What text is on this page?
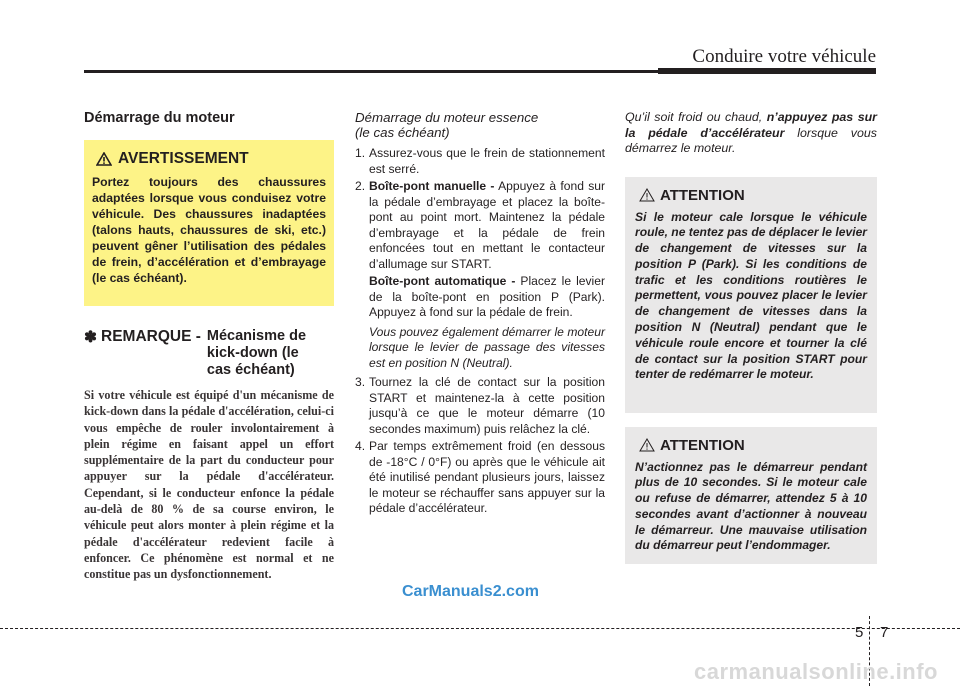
Conduire votre véhicule
Démarrage du moteur
AVERTISSEMENT
Portez toujours des chaussures adaptées lorsque vous conduisez votre véhicule. Des chaussures inadaptées (talons hauts, chaussures de ski, etc.) peuvent gêner l’utilisation des pédales de frein, d’accélération et d’embrayage (le cas échéant).
✽ REMARQUE - Mécanisme de
kick-down (le
cas échéant)
Si votre véhicule est équipé d'un mécanisme de kick-down dans la pédale d'accélération, celui-ci vous empêche de rouler involontairement à plein régime en faisant appel un effort supplémentaire de la part du conducteur pour appuyer sur la pédale d'accélérateur. Cependant, si le conducteur enfonce la pédale au-delà de 80 % de sa course environ, le véhicule peut alors monter à plein régime et la pédale d'accélérateur redevient facile à enfoncer. Ce phénomène est normal et ne constitue pas un dysfonctionnement.
Démarrage du moteur essence
(le cas échéant)
1. Assurez-vous que le frein de stationnement est serré.
2. Boîte-pont manuelle - Appuyez à fond sur la pédale d’embrayage et placez la boîte-pont au point mort. Maintenez la pédale d’embrayage et la pédale de frein enfoncées tout en mettant le contacteur d’allumage sur START.
Boîte-pont automatique - Placez le levier de la boîte-pont en position P (Park). Appuyez à fond sur la pédale de frein.
Vous pouvez également démarrer le moteur lorsque le levier de passage des vitesses est en position N (Neutral).
3. Tournez la clé de contact sur la position START et maintenez-la à cette position jusqu’à ce que le moteur démarre (10 secondes maximum) puis relâchez la clé.
4. Par temps extrêmement froid (en dessous de -18°C / 0°F) ou après que le véhicule ait été inutilisé pendant plusieurs jours, laissez le moteur se réchauffer sans appuyer sur la pédale d’accélérateur.
Qu’il soit froid ou chaud, n’appuyez pas sur la pédale d’accélérateur lorsque vous démarrez le moteur.
ATTENTION
Si le moteur cale lorsque le véhicule roule, ne tentez pas de déplacer le levier de changement de vitesses sur la position P (Park). Si les conditions de trafic et les conditions routières le permettent, vous pouvez placer le levier de changement de vitesses dans la position N (Neutral) pendant que le véhicule roule encore et tourner la clé de contact sur la position START pour tenter de redémarrer le moteur.
ATTENTION
N’actionnez pas le démarreur pendant plus de 10 secondes. Si le moteur cale ou refuse de démarrer, attendez 5 à 10 secondes avant d’actionner à nouveau le démarreur. Une mauvaise utilisation du démarreur peut l’endommager.
CarManuals2.com
5 7
carmanualsonline.info
